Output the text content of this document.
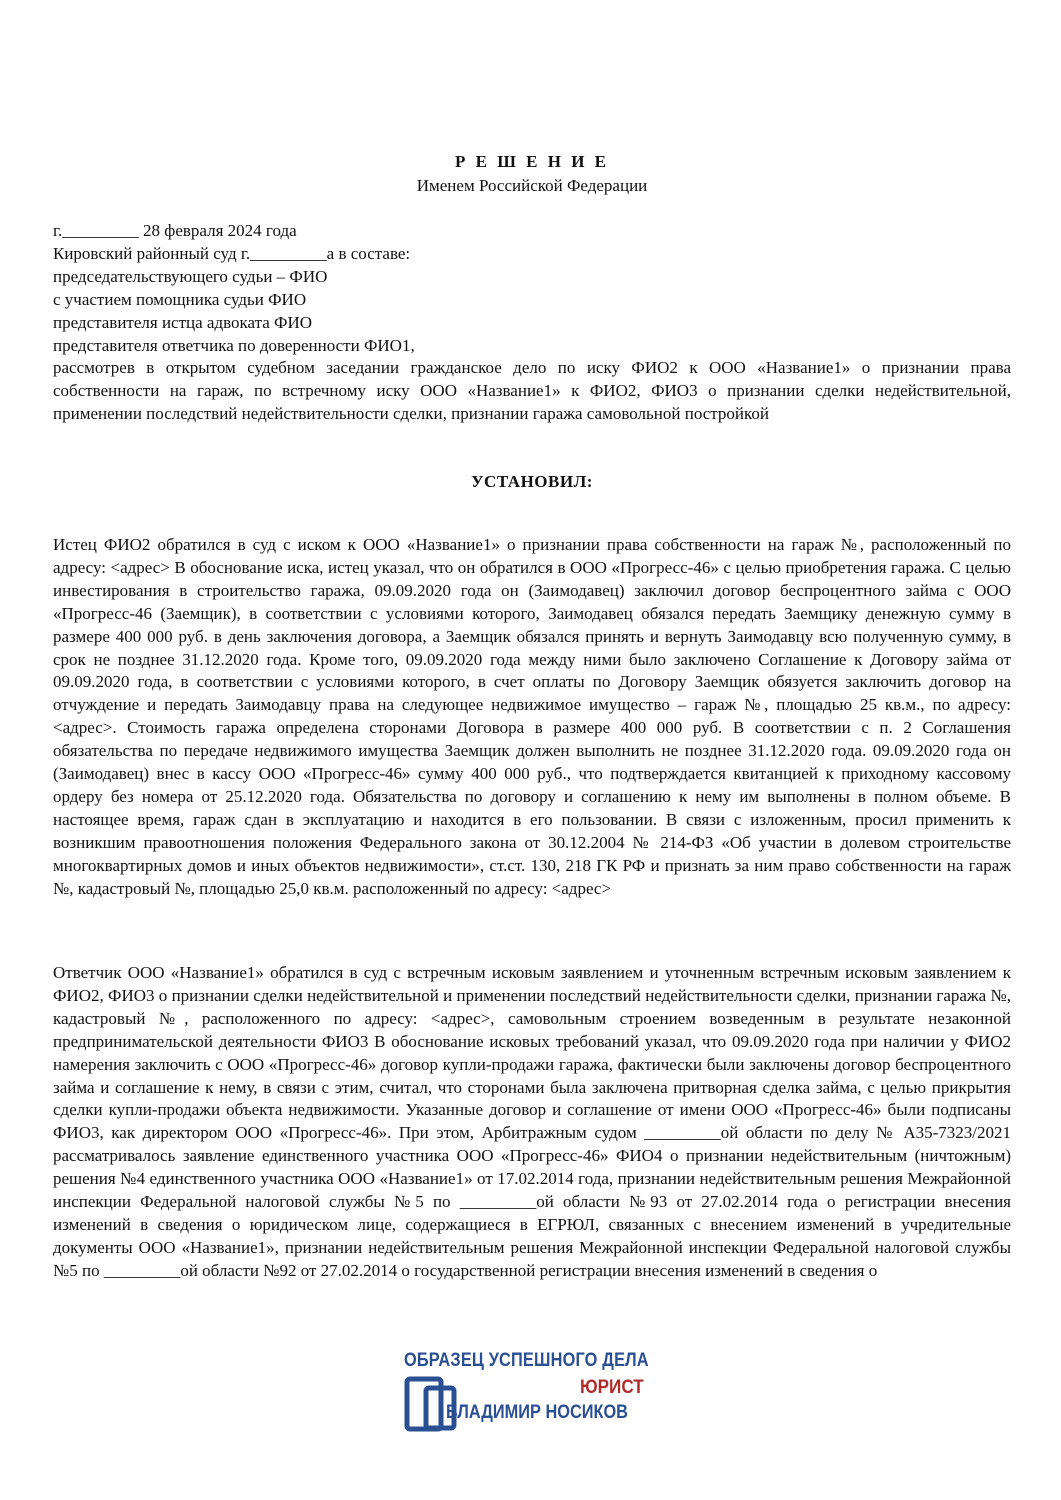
Р Е Ш Е Н И Е
Именем Российской Федерации
г._________ 28 февраля 2024 года
Кировский районный суд г._________а в составе:
председательствующего судьи – ФИО
с участием помощника судьи ФИО
представителя истца адвоката ФИО
представителя ответчика по доверенности ФИО1,
рассмотрев в открытом судебном заседании гражданское дело по иску ФИО2 к ООО «Название1» о признании права собственности на гараж, по встречному иску ООО «Название1» к ФИО2, ФИО3 о признании сделки недействительной, применении последствий недействительности сделки, признании гаража самовольной постройкой
УСТАНОВИЛ:
Истец ФИО2 обратился в суд с иском к ООО «Название1» о признании права собственности на гараж №, расположенный по адресу: <адрес> В обоснование иска, истец указал, что он обратился в ООО «Прогресс-46» с целью приобретения гаража. С целью инвестирования в строительство гаража, 09.09.2020 года он (Заимодавец) заключил договор беспроцентного займа с ООО «Прогресс-46 (Заемщик), в соответствии с условиями которого, Заимодавец обязался передать Заемщику денежную сумму в размере 400 000 руб. в день заключения договора, а Заемщик обязался принять и вернуть Заимодавцу всю полученную сумму, в срок не позднее 31.12.2020 года. Кроме того, 09.09.2020 года между ними было заключено Соглашение к Договору займа от 09.09.2020 года, в соответствии с условиями которого, в счет оплаты по Договору Заемщик обязуется заключить договор на отчуждение и передать Заимодавцу права на следующее недвижимое имущество – гараж №, площадью 25 кв.м., по адресу: <адрес>. Стоимость гаража определена сторонами Договора в размере 400 000 руб. В соответствии с п. 2 Соглашения обязательства по передаче недвижимого имущества Заемщик должен выполнить не позднее 31.12.2020 года. 09.09.2020 года он (Заимодавец) внес в кассу ООО «Прогресс-46» сумму 400 000 руб., что подтверждается квитанцией к приходному кассовому ордеру без номера от 25.12.2020 года. Обязательства по договору и соглашению к нему им выполнены в полном объеме. В настоящее время, гараж сдан в эксплуатацию и находится в его пользовании. В связи с изложенным, просил применить к возникшим правоотношения положения Федерального закона от 30.12.2004 № 214-ФЗ «Об участии в долевом строительстве многоквартирных домов и иных объектов недвижимости», ст.ст. 130, 218 ГК РФ и признать за ним право собственности на гараж №, кадастровый №, площадью 25,0 кв.м. расположенный по адресу: <адрес>
Ответчик ООО «Название1» обратился в суд с встречным исковым заявлением и уточненным встречным исковым заявлением к ФИО2, ФИО3 о признании сделки недействительной и применении последствий недействительности сделки, признании гаража №, кадастровый №, расположенного по адресу: <адрес>, самовольным строением возведенным в результате незаконной предпринимательской деятельности ФИО3 В обоснование исковых требований указал, что 09.09.2020 года при наличии у ФИО2 намерения заключить с ООО «Прогресс-46» договор купли-продажи гаража, фактически были заключены договор беспроцентного займа и соглашение к нему, в связи с этим, считал, что сторонами была заключена притворная сделка займа, с целью прикрытия сделки купли-продажи объекта недвижимости. Указанные договор и соглашение от имени ООО «Прогресс-46» были подписаны ФИО3, как директором ООО «Прогресс-46». При этом, Арбитражным судом _________ой области по делу № А35-7323/2021 рассматривалось заявление единственного участника ООО «Прогресс-46» ФИО4 о признании недействительным (ничтожным) решения №4 единственного участника ООО «Название1» от 17.02.2014 года, признании недействительным решения Межрайонной инспекции Федеральной налоговой службы №5 по _________ой области №93 от 27.02.2014 года о регистрации внесения изменений в сведения о юридическом лице, содержащиеся в ЕГРЮЛ, связанных с внесением изменений в учредительные документы ООО «Название1», признании недействительным решения Межрайонной инспекции Федеральной налоговой службы №5 по _________ой области №92 от 27.02.2014 о государственной регистрации внесения изменений в сведения о
ОБРАЗЕЦ УСПЕШНОГО ДЕЛА
ЮРИСТ
ВЛАДИМИР НОСИКОВ
